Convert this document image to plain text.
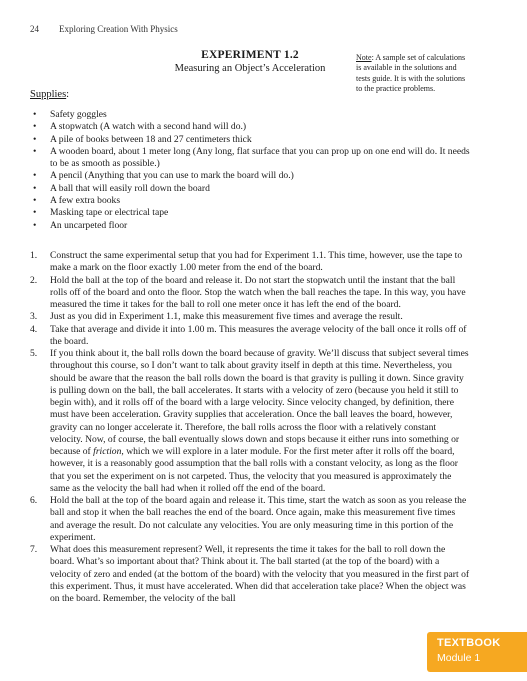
24 Exploring Creation With Physics
EXPERIMENT 1.2
Measuring an Object’s Acceleration
Note: A sample set of calculations is available in the solutions and tests guide. It is with the solutions to the practice problems.
Supplies:
• Safety goggles
• A stopwatch (A watch with a second hand will do.)
• A pile of books between 18 and 27 centimeters thick
• A wooden board, about 1 meter long (Any long, flat surface that you can prop up on one end will do. It needs to be as smooth as possible.)
• A pencil (Anything that you can use to mark the board will do.)
• A ball that will easily roll down the board
• A few extra books
• Masking tape or electrical tape
• An uncarpeted floor
1. Construct the same experimental setup that you had for Experiment 1.1. This time, however, use the tape to make a mark on the floor exactly 1.00 meter from the end of the board.
2. Hold the ball at the top of the board and release it. Do not start the stopwatch until the instant that the ball rolls off of the board and onto the floor. Stop the watch when the ball reaches the tape. In this way, you have measured the time it takes for the ball to roll one meter once it has left the end of the board.
3. Just as you did in Experiment 1.1, make this measurement five times and average the result.
4. Take that average and divide it into 1.00 m. This measures the average velocity of the ball once it rolls off of the board.
5. If you think about it, the ball rolls down the board because of gravity. We’ll discuss that subject several times throughout this course, so I don’t want to talk about gravity itself in depth at this time. Nevertheless, you should be aware that the reason the ball rolls down the board is that gravity is pulling it down. Since gravity is pulling down on the ball, the ball accelerates. It starts with a velocity of zero (because you held it still to begin with), and it rolls off of the board with a large velocity. Since velocity changed, by definition, there must have been acceleration. Gravity supplies that acceleration. Once the ball leaves the board, however, gravity can no longer accelerate it. Therefore, the ball rolls across the floor with a relatively constant velocity. Now, of course, the ball eventually slows down and stops because it either runs into something or because of friction, which we will explore in a later module. For the first meter after it rolls off the board, however, it is a reasonably good assumption that the ball rolls with a constant velocity, as long as the floor that you set the experiment on is not carpeted. Thus, the velocity that you measured is approximately the same as the velocity the ball had when it rolled off the end of the board.
6. Hold the ball at the top of the board again and release it. This time, start the watch as soon as you release the ball and stop it when the ball reaches the end of the board. Once again, make this measurement five times and average the result. Do not calculate any velocities. You are only measuring time in this portion of the experiment.
7. What does this measurement represent? Well, it represents the time it takes for the ball to roll down the board. What’s so important about that? Think about it. The ball started (at the top of the board) with a velocity of zero and ended (at the bottom of the board) with the velocity that you measured in the first part of this experiment. Thus, it must have accelerated. When did that acceleration take place? When the object was on the board. Remember, the velocity of the ball
TEXTBOOK
Module 1
